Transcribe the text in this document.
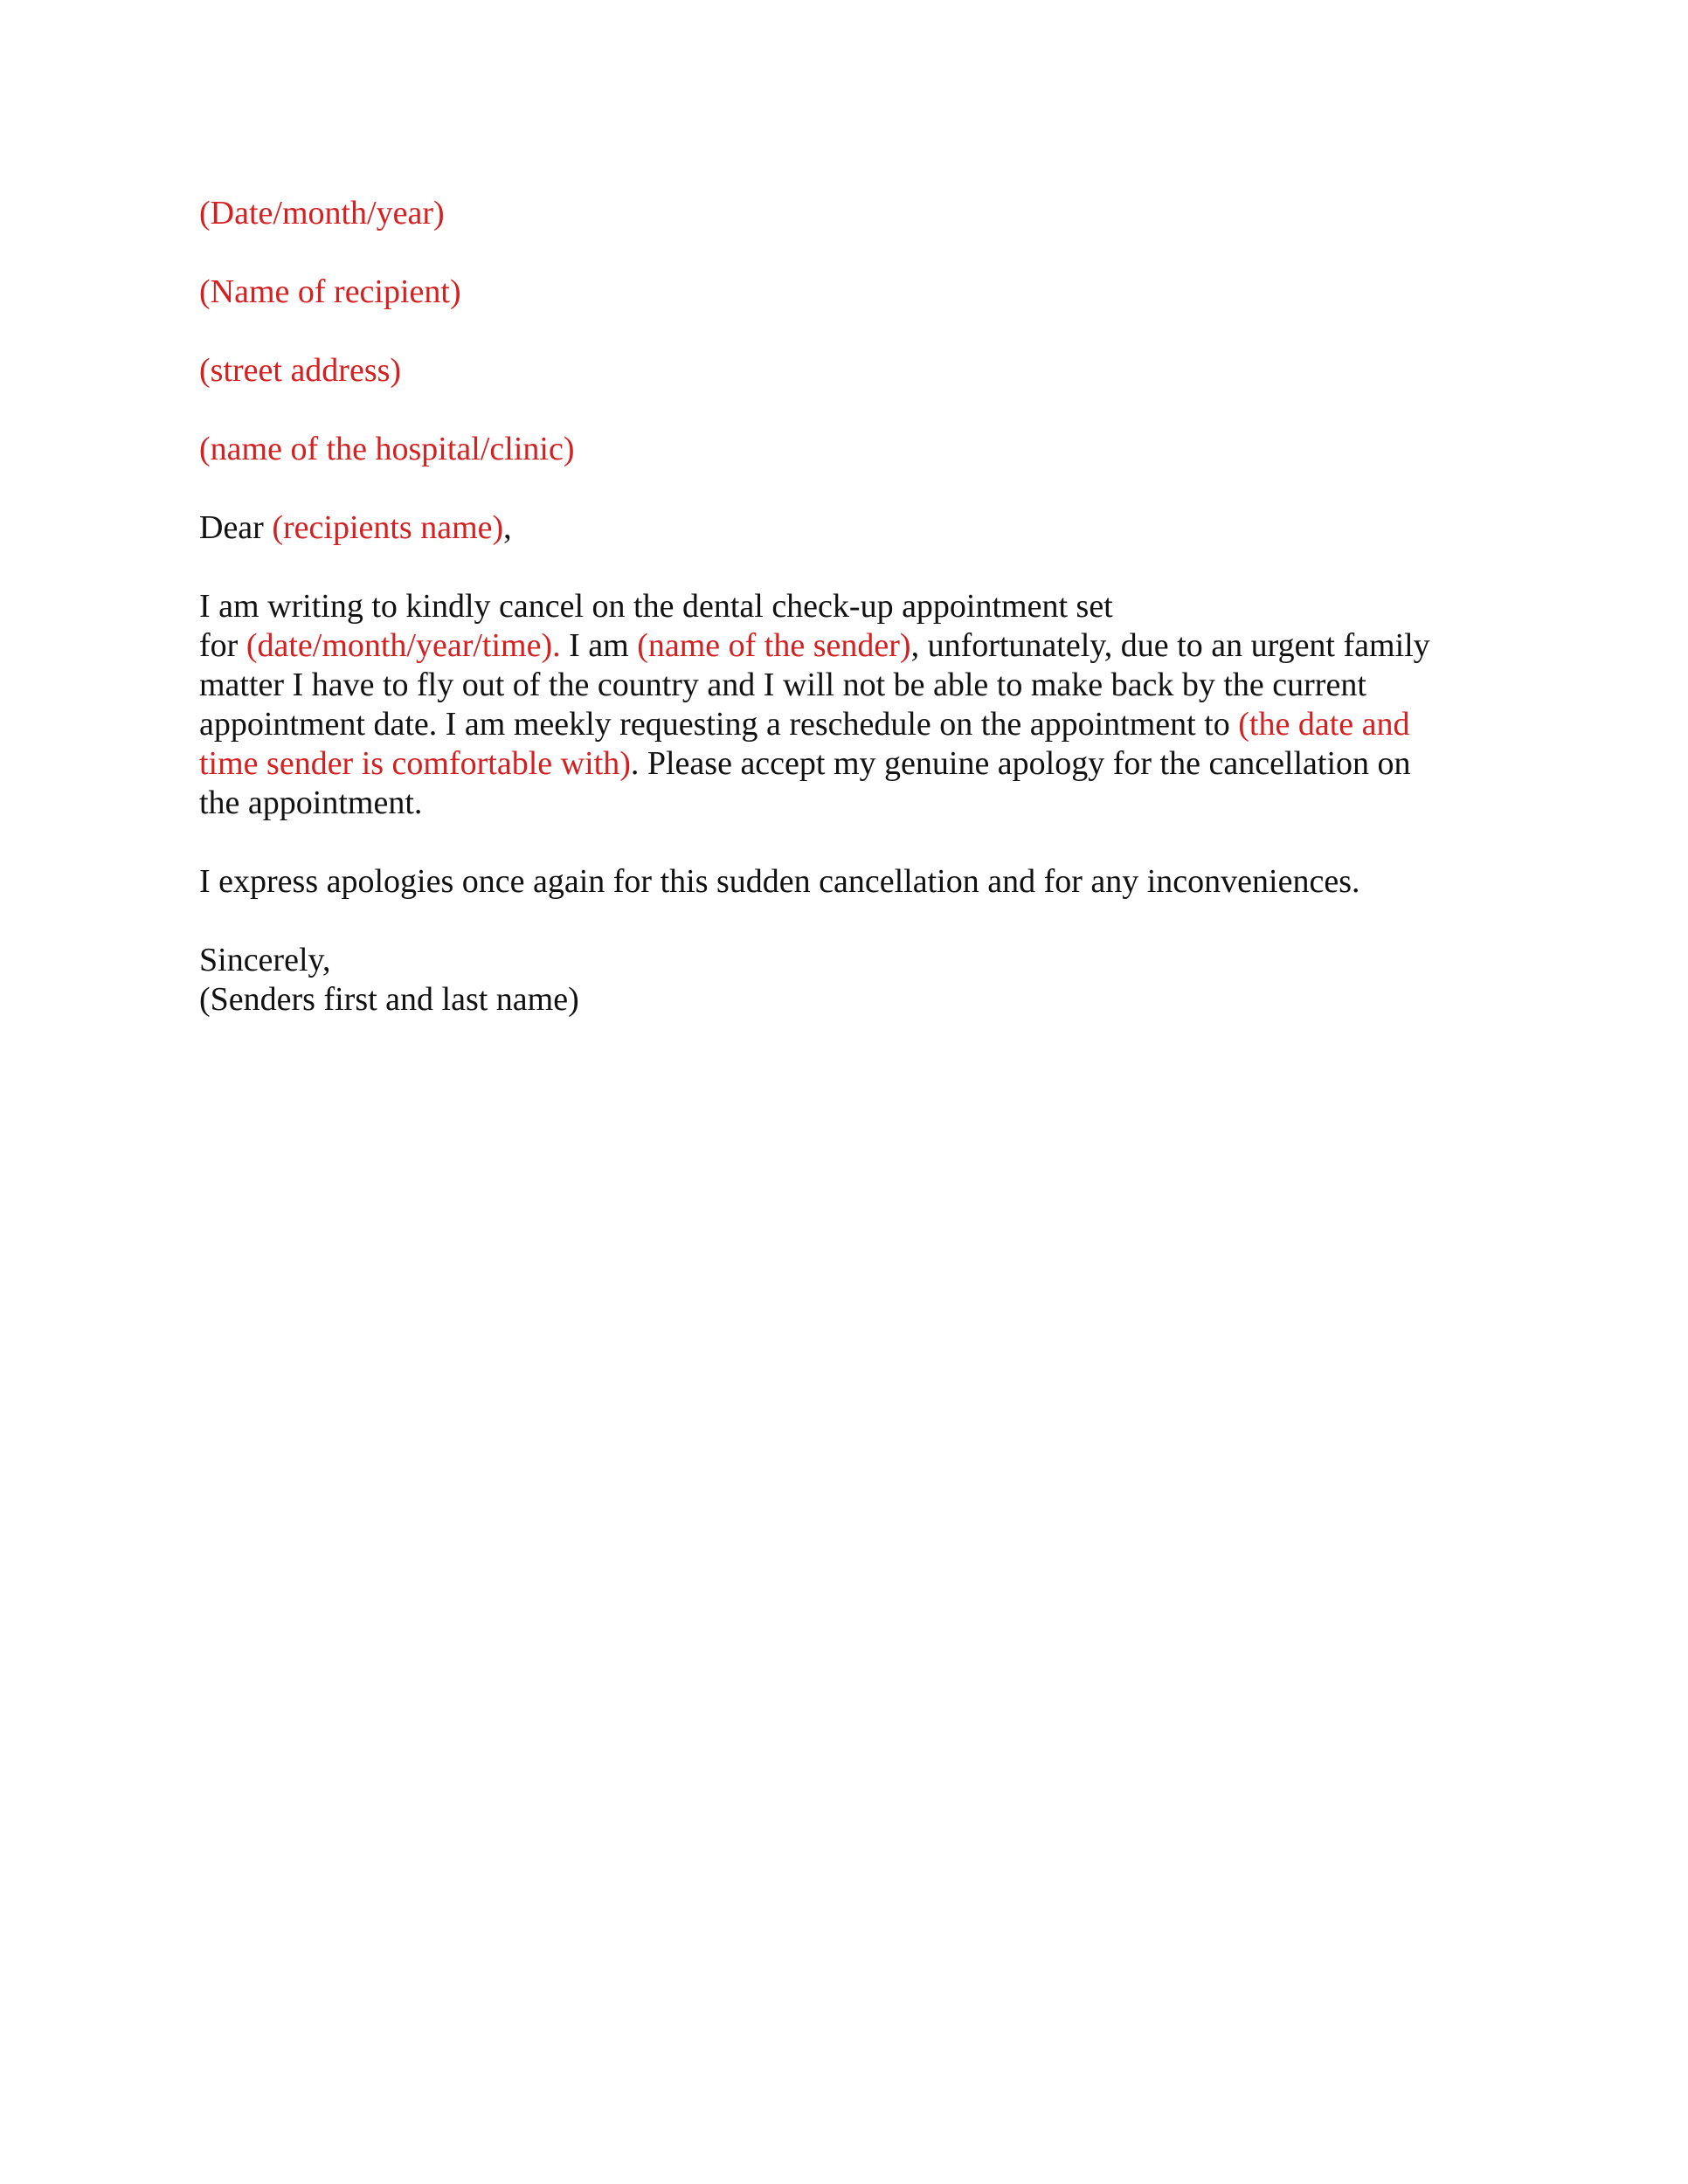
(Date/month/year)

(Name of recipient)

(street address)

(name of the hospital/clinic)

Dear (recipients name),

I am writing to kindly cancel on the dental check-up appointment set

for (date/month/year/time). I am (name of the sender), unfortunately, due to an urgent family

matter I have to fly out of the country and I will not be able to make back by the current

appointment date. I am meekly requesting a reschedule on the appointment to (the date and

time sender is comfortable with). Please accept my genuine apology for the cancellation on

the appointment.

I express apologies once again for this sudden cancellation and for any inconveniences.

Sincerely,

(Senders first and last name)
